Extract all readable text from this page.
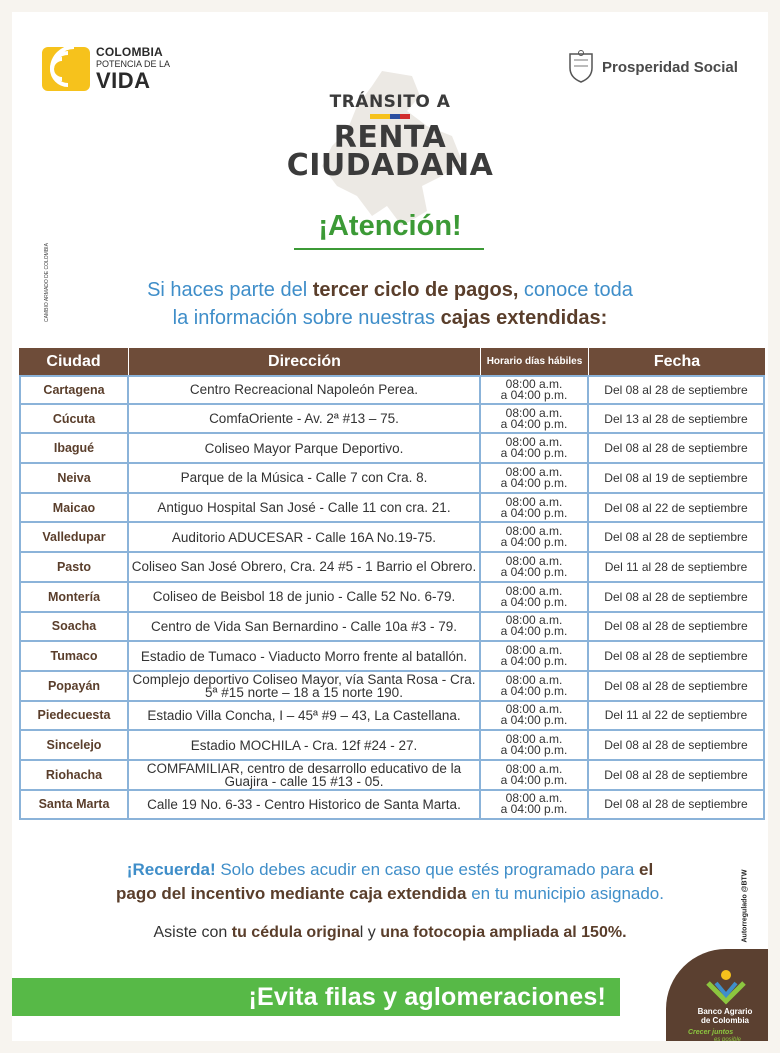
COLOMBIA
POTENCIA DE LA
VIDA
Prosperidad Social
CAMBIO ARMADO DE COLOMBIA
TRÁNSITO A
RENTA
CIUDADANA
¡Atención!
Si haces parte del tercer ciclo de pagos, conoce toda
la información sobre nuestras cajas extendidas:
Ciudad	Dirección	Horario días hábiles	Fecha
Cartagena	Centro Recreacional Napoleón Perea.	08:00 a.m.
a 04:00 p.m.	Del 08 al 28 de septiembre
Cúcuta	ComfaOriente - Av. 2ª #13 – 75.	08:00 a.m.
a 04:00 p.m.	Del 13 al 28 de septiembre
Ibagué	Coliseo Mayor Parque Deportivo.	08:00 a.m.
a 04:00 p.m.	Del 08 al 28 de septiembre
Neiva	Parque de la Música - Calle 7 con Cra. 8.	08:00 a.m.
a 04:00 p.m.	Del 08 al 19 de septiembre
Maicao	Antiguo Hospital San José - Calle 11 con cra. 21.	08:00 a.m.
a 04:00 p.m.	Del 08 al 22 de septiembre
Valledupar	Auditorio ADUCESAR - Calle 16A No.19-75.	08:00 a.m.
a 04:00 p.m.	Del 08 al 28 de septiembre
Pasto	Coliseo San José Obrero, Cra. 24 #5 - 1 Barrio el Obrero.	08:00 a.m.
a 04:00 p.m.	Del 11 al 28 de septiembre
Montería	Coliseo de Beisbol 18 de junio - Calle 52 No. 6-79.	08:00 a.m.
a 04:00 p.m.	Del 08 al 28 de septiembre
Soacha	Centro de Vida San Bernardino - Calle 10a #3 - 79.	08:00 a.m.
a 04:00 p.m.	Del 08 al 28 de septiembre
Tumaco	Estadio de Tumaco - Viaducto Morro frente al batallón.	08:00 a.m.
a 04:00 p.m.	Del 08 al 28 de septiembre
Popayán	Complejo deportivo Coliseo Mayor, vía Santa Rosa - Cra. 5ª #15 norte – 18 a 15 norte 190.	08:00 a.m.
a 04:00 p.m.	Del 08 al 28 de septiembre
Piedecuesta	Estadio Villa Concha, I – 45ª #9 – 43, La Castellana.	08:00 a.m.
a 04:00 p.m.	Del 11 al 22 de septiembre
Sincelejo	Estadio MOCHILA - Cra. 12f #24 - 27.	08:00 a.m.
a 04:00 p.m.	Del 08 al 28 de septiembre
Riohacha	COMFAMILIAR, centro de desarrollo educativo de la Guajira - calle 15 #13 - 05.	08:00 a.m.
a 04:00 p.m.	Del 08 al 28 de septiembre
Santa Marta	Calle 19 No. 6-33 - Centro Historico de Santa Marta.	08:00 a.m.
a 04:00 p.m.	Del 08 al 28 de septiembre
¡Recuerda! Solo debes acudir en caso que estés programado para el
pago del incentivo mediante caja extendida en tu municipio asignado.
Asiste con tu cédula original y una fotocopia ampliada al 150%.	Autorregulado @BTW
¡Evita filas y aglomeraciones!
Banco Agrario
de Colombia
Crecer juntos
es posible
